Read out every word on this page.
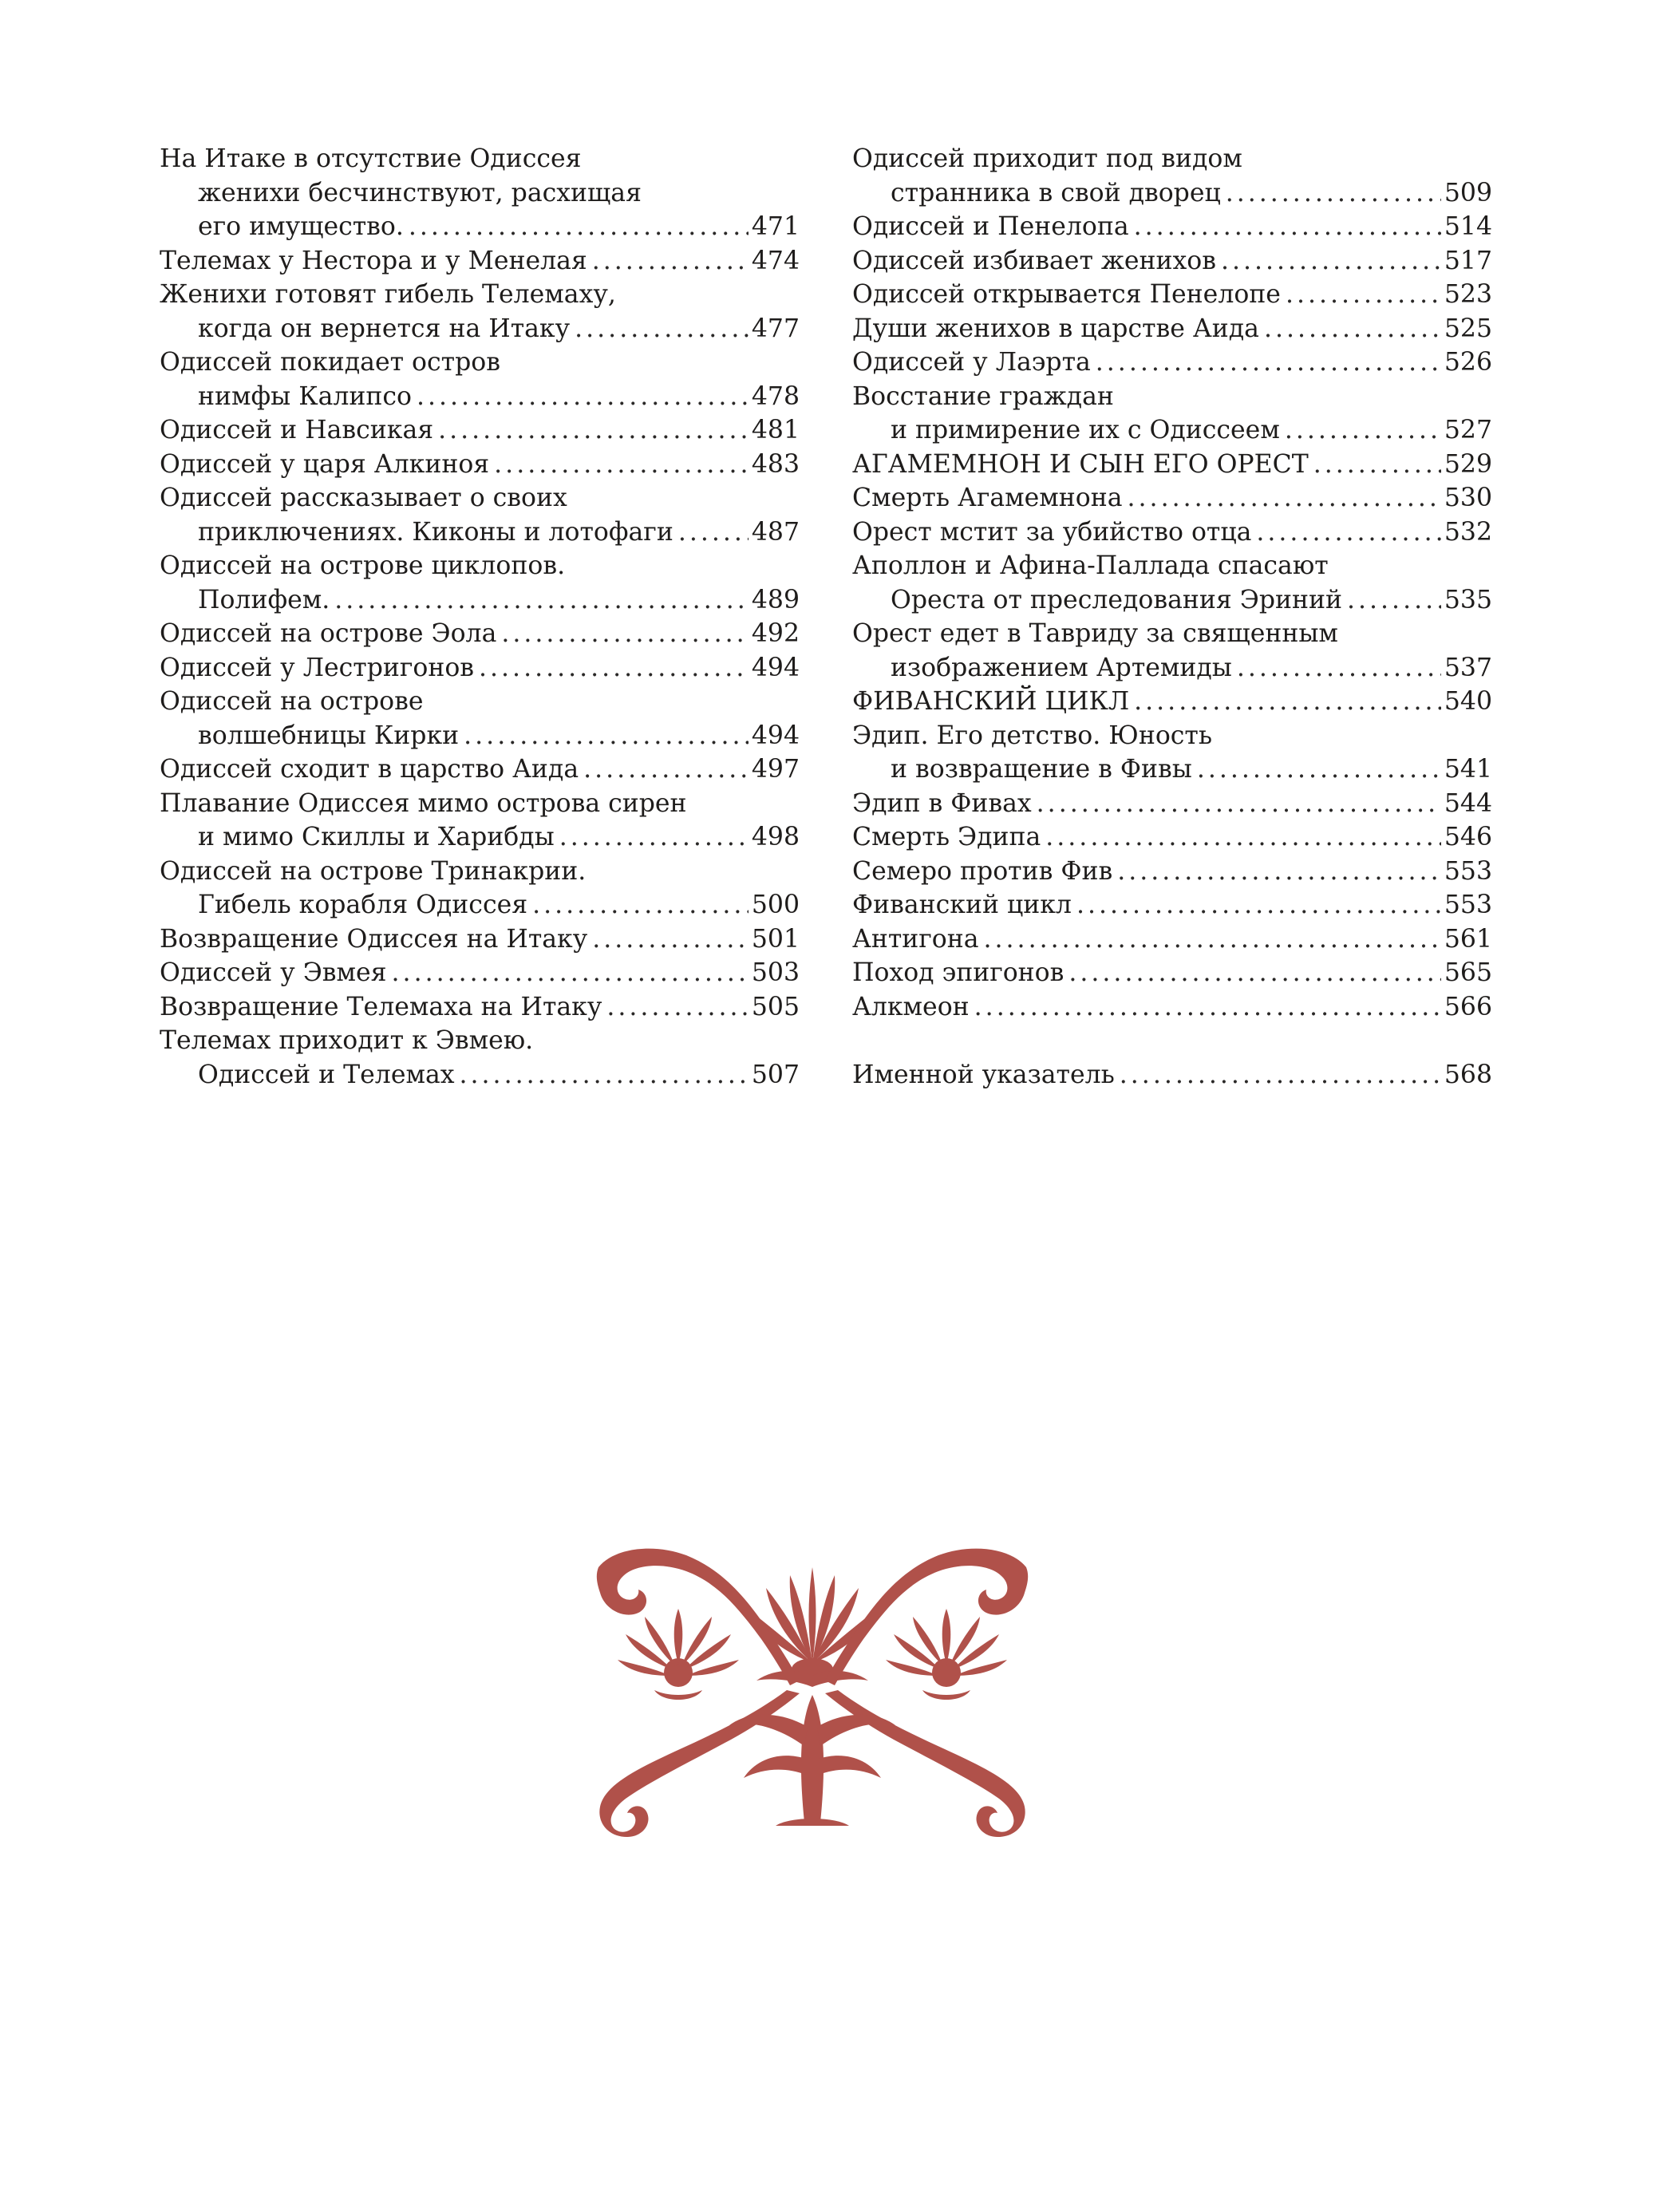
На Итаке в отсутствие Одиссея
женихи бесчинствуют, расхищая
его имущество. .....	471
Телемах у Нестора и у Менелая .....	474
Женихи готовят гибель Телемаху,
когда он вернется на Итаку .....	477
Одиссей покидает остров
нимфы Калипсо .....	478
Одиссей и Навсикая .....	481
Одиссей у царя Алкиноя .....	483
Одиссей рассказывает о своих
приключениях. Киконы и лотофаги .....	487
Одиссей на острове циклопов.
Полифем. .....	489
Одиссей на острове Эола .....	492
Одиссей у Лестригонов .....	494
Одиссей на острове
волшебницы Кирки .....	494
Одиссей сходит в царство Аида .....	497
Плавание Одиссея мимо острова сирен
и мимо Скиллы и Харибды .....	498
Одиссей на острове Тринакрии.
Гибель корабля Одиссея .....	500
Возвращение Одиссея на Итаку .....	501
Одиссей у Эвмея .....	503
Возвращение Телемаха на Итаку .....	505
Телемах приходит к Эвмею.
Одиссей и Телемах .....	507
Одиссей приходит под видом
странника в свой дворец .....	509
Одиссей и Пенелопа .....	514
Одиссей избивает женихов .....	517
Одиссей открывается Пенелопе .....	523
Души женихов в царстве Аида .....	525
Одиссей у Лаэрта .....	526
Восстание граждан
и примирение их с Одиссеем .....	527
АГАМЕМНОН И СЫН ЕГО ОРЕСТ .....	529
Смерть Агамемнона .....	530
Орест мстит за убийство отца .....	532
Аполлон и Афина-Паллада спасают
Ореста от преследования Эриний .....	535
Орест едет в Тавриду за священным
изображением Артемиды .....	537
ФИВАНСКИЙ ЦИКЛ .....	540
Эдип. Его детство. Юность
и возвращение в Фивы .....	541
Эдип в Фивах .....	544
Смерть Эдипа .....	546
Семеро против Фив .....	553
Фиванский цикл .....	553
Антигона .....	561
Поход эпигонов .....	565
Алкмеон .....	566
Именной указатель .....	568
